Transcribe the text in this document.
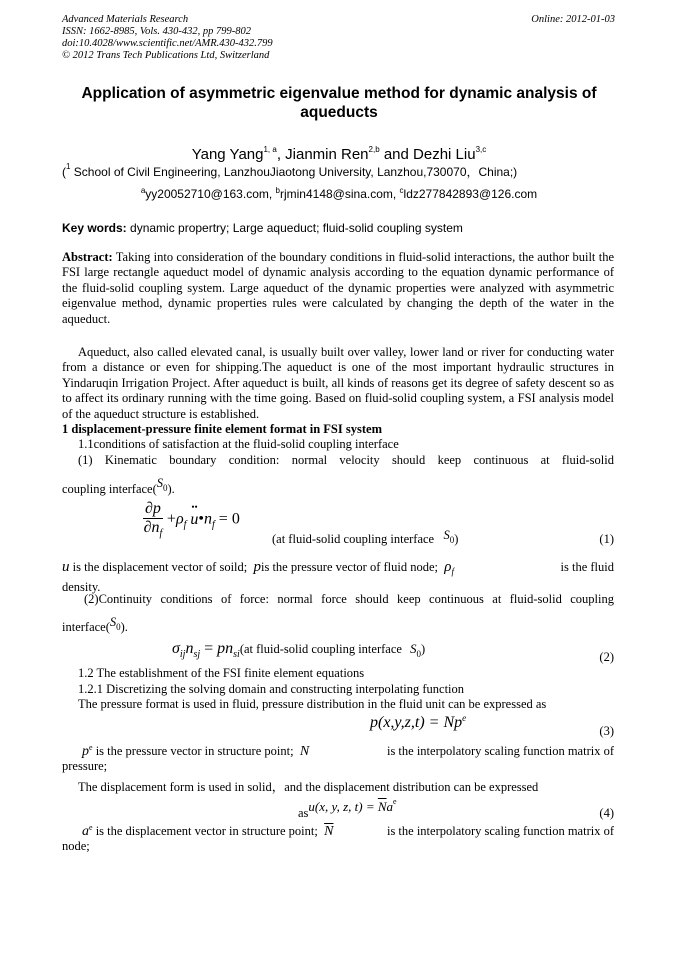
Advanced Materials Research
ISSN: 1662-8985, Vols. 430-432, pp 799-802
doi:10.4028/www.scientific.net/AMR.430-432.799
© 2012 Trans Tech Publications Ltd, Switzerland
Online: 2012-01-03
Application of asymmetric eigenvalue method for dynamic analysis of
aqueducts
Yang Yang$^{1, a}$, Jianmin Ren$^{2,b}$ and Dezhi Liu$^{3,c}$
($^1$ School of Civil Engineering, LanzhouJiaotong University, Lanzhou,730070，China;)
$^a$yy20052710@163.com, $^b$rjmin4148@sina.com, $^c$ldz277842893@126.com
Key words: dynamic propertry; Large aqueduct; fluid-solid coupling system
Abstract: Taking into consideration of the boundary conditions in fluid-solid interactions, the author built the FSI large rectangle aqueduct model of dynamic analysis according to the equation dynamic performance of the fluid-solid coupling system. Large aqueduct of the dynamic properties were analyzed with asymmetric eigenvalue method, dynamic properties rules were calculated by changing the depth of the water in the aqueduct.
Aqueduct, also called elevated canal, is usually built over valley, lower land or river for conducting water from a distance or even for shipping.The aqueduct is one of the most important hydraulic structures in Yindaruqin Irrigation Project. After aqueduct is built, all kinds of reasons get its degree of safety descent so as to affect its ordinary running with the time going. Based on fluid-solid coupling system, a FSI analysis model of the aqueduct structure is established.
1 displacement-pressure finite element format in FSI system
1.1conditions of satisfaction at the fluid-solid coupling interface
(1) Kinematic boundary condition: normal velocity should keep continuous at fluid-solid
coupling $interface(S_0)$.
$\frac{\partial p}{\partial n_f} +\rho_f$ u
••
$•n_f = 0$
(at fluid-solid coupling interface $S_0$)	(1)
u is the displacement vector of soild; pis the pressure vector of fluid node; $\rho_f$	is the fluid
density.
(2)Continuity conditions of force: normal force should keep continuous at fluid-solid coupling
$interface(S_0)$.
$\sigma_{ij}n_{sj} = pn_{si}(at$ fluid-solid coupling interface $S_0$)
(2)
1.2 The establishment of the FSI finite element equations
1.2.1 Discretizing the solving domain and constructing interpolating function
The pressure format is used in fluid, pressure distribution in the fluid unit can be expressed as
$p(x,y,z,t) = Np^e$
(3)
$p^e$ is the pressure vector in structure point; N	is the interpolatory scaling function matrix of
pressure;
The displacement form is used in solid，and the displacement distribution can be expressed
$_{as}$u(x, y, z, $t) = \overline{N}a^e$
(4)
$a^e$ is the displacement vector in structure point; $\overline{N}$	is the interpolatory scaling function matrix of
node;
